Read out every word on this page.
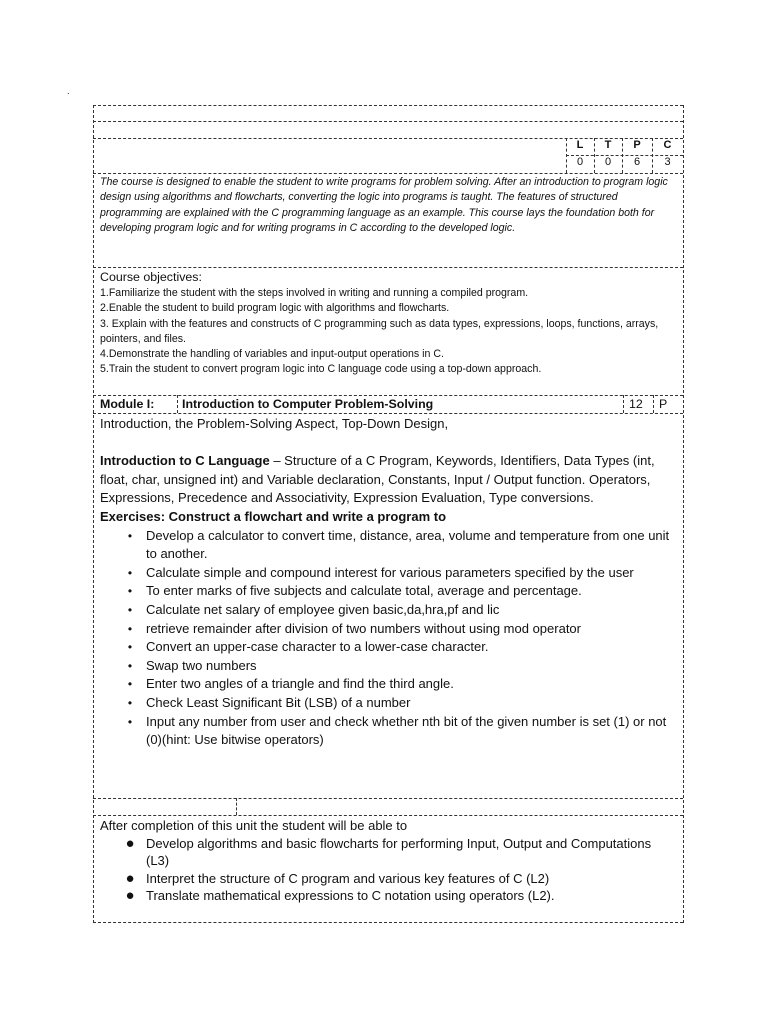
.
L	T	P	C
0	0	6	3
The course is designed to enable the student to write programs for problem solving. After an introduction to program logic design using algorithms and flowcharts, converting the logic into programs is taught. The features of structured programming are explained with the C programming language as an example. This course lays the foundation both for developing program logic and for writing programs in C according to the developed logic.
Course objectives:
1.Familiarize the student with the steps involved in writing and running a compiled program.
2.Enable the student to build program logic with algorithms and flowcharts.
3. Explain with the features and constructs of C programming such as data types, expressions, loops, functions, arrays, pointers, and files.
4.Demonstrate the handling of variables and input-output operations in C.
5.Train the student to convert program logic into C language code using a top-down approach.
Module I: Introduction to Computer Problem-Solving	12 P
Introduction, the Problem-Solving Aspect, Top-Down Design,
Introduction to C Language – Structure of a C Program, Keywords, Identifiers, Data Types (int, float, char, unsigned int) and Variable declaration, Constants, Input / Output function. Operators, Expressions, Precedence and Associativity, Expression Evaluation, Type conversions.
Exercises: Construct a flowchart and write a program to
•	Develop a calculator to convert time, distance, area, volume and temperature from one unit to another.
•	Calculate simple and compound interest for various parameters specified by the user
•	To enter marks of five subjects and calculate total, average and percentage.
•	Calculate net salary of employee given basic,da,hra,pf and lic
•	retrieve remainder after division of two numbers without using mod operator
•	Convert an upper-case character to a lower-case character.
•	Swap two numbers
•	Enter two angles of a triangle and find the third angle.
•	Check Least Significant Bit (LSB) of a number
•	Input any number from user and check whether nth bit of the given number is set (1) or not (0)(hint: Use bitwise operators)
After completion of this unit the student will be able to
● Develop algorithms and basic flowcharts for performing Input, Output and Computations (L3)
● Interpret the structure of C program and various key features of C (L2)
● Translate mathematical expressions to C notation using operators (L2).
